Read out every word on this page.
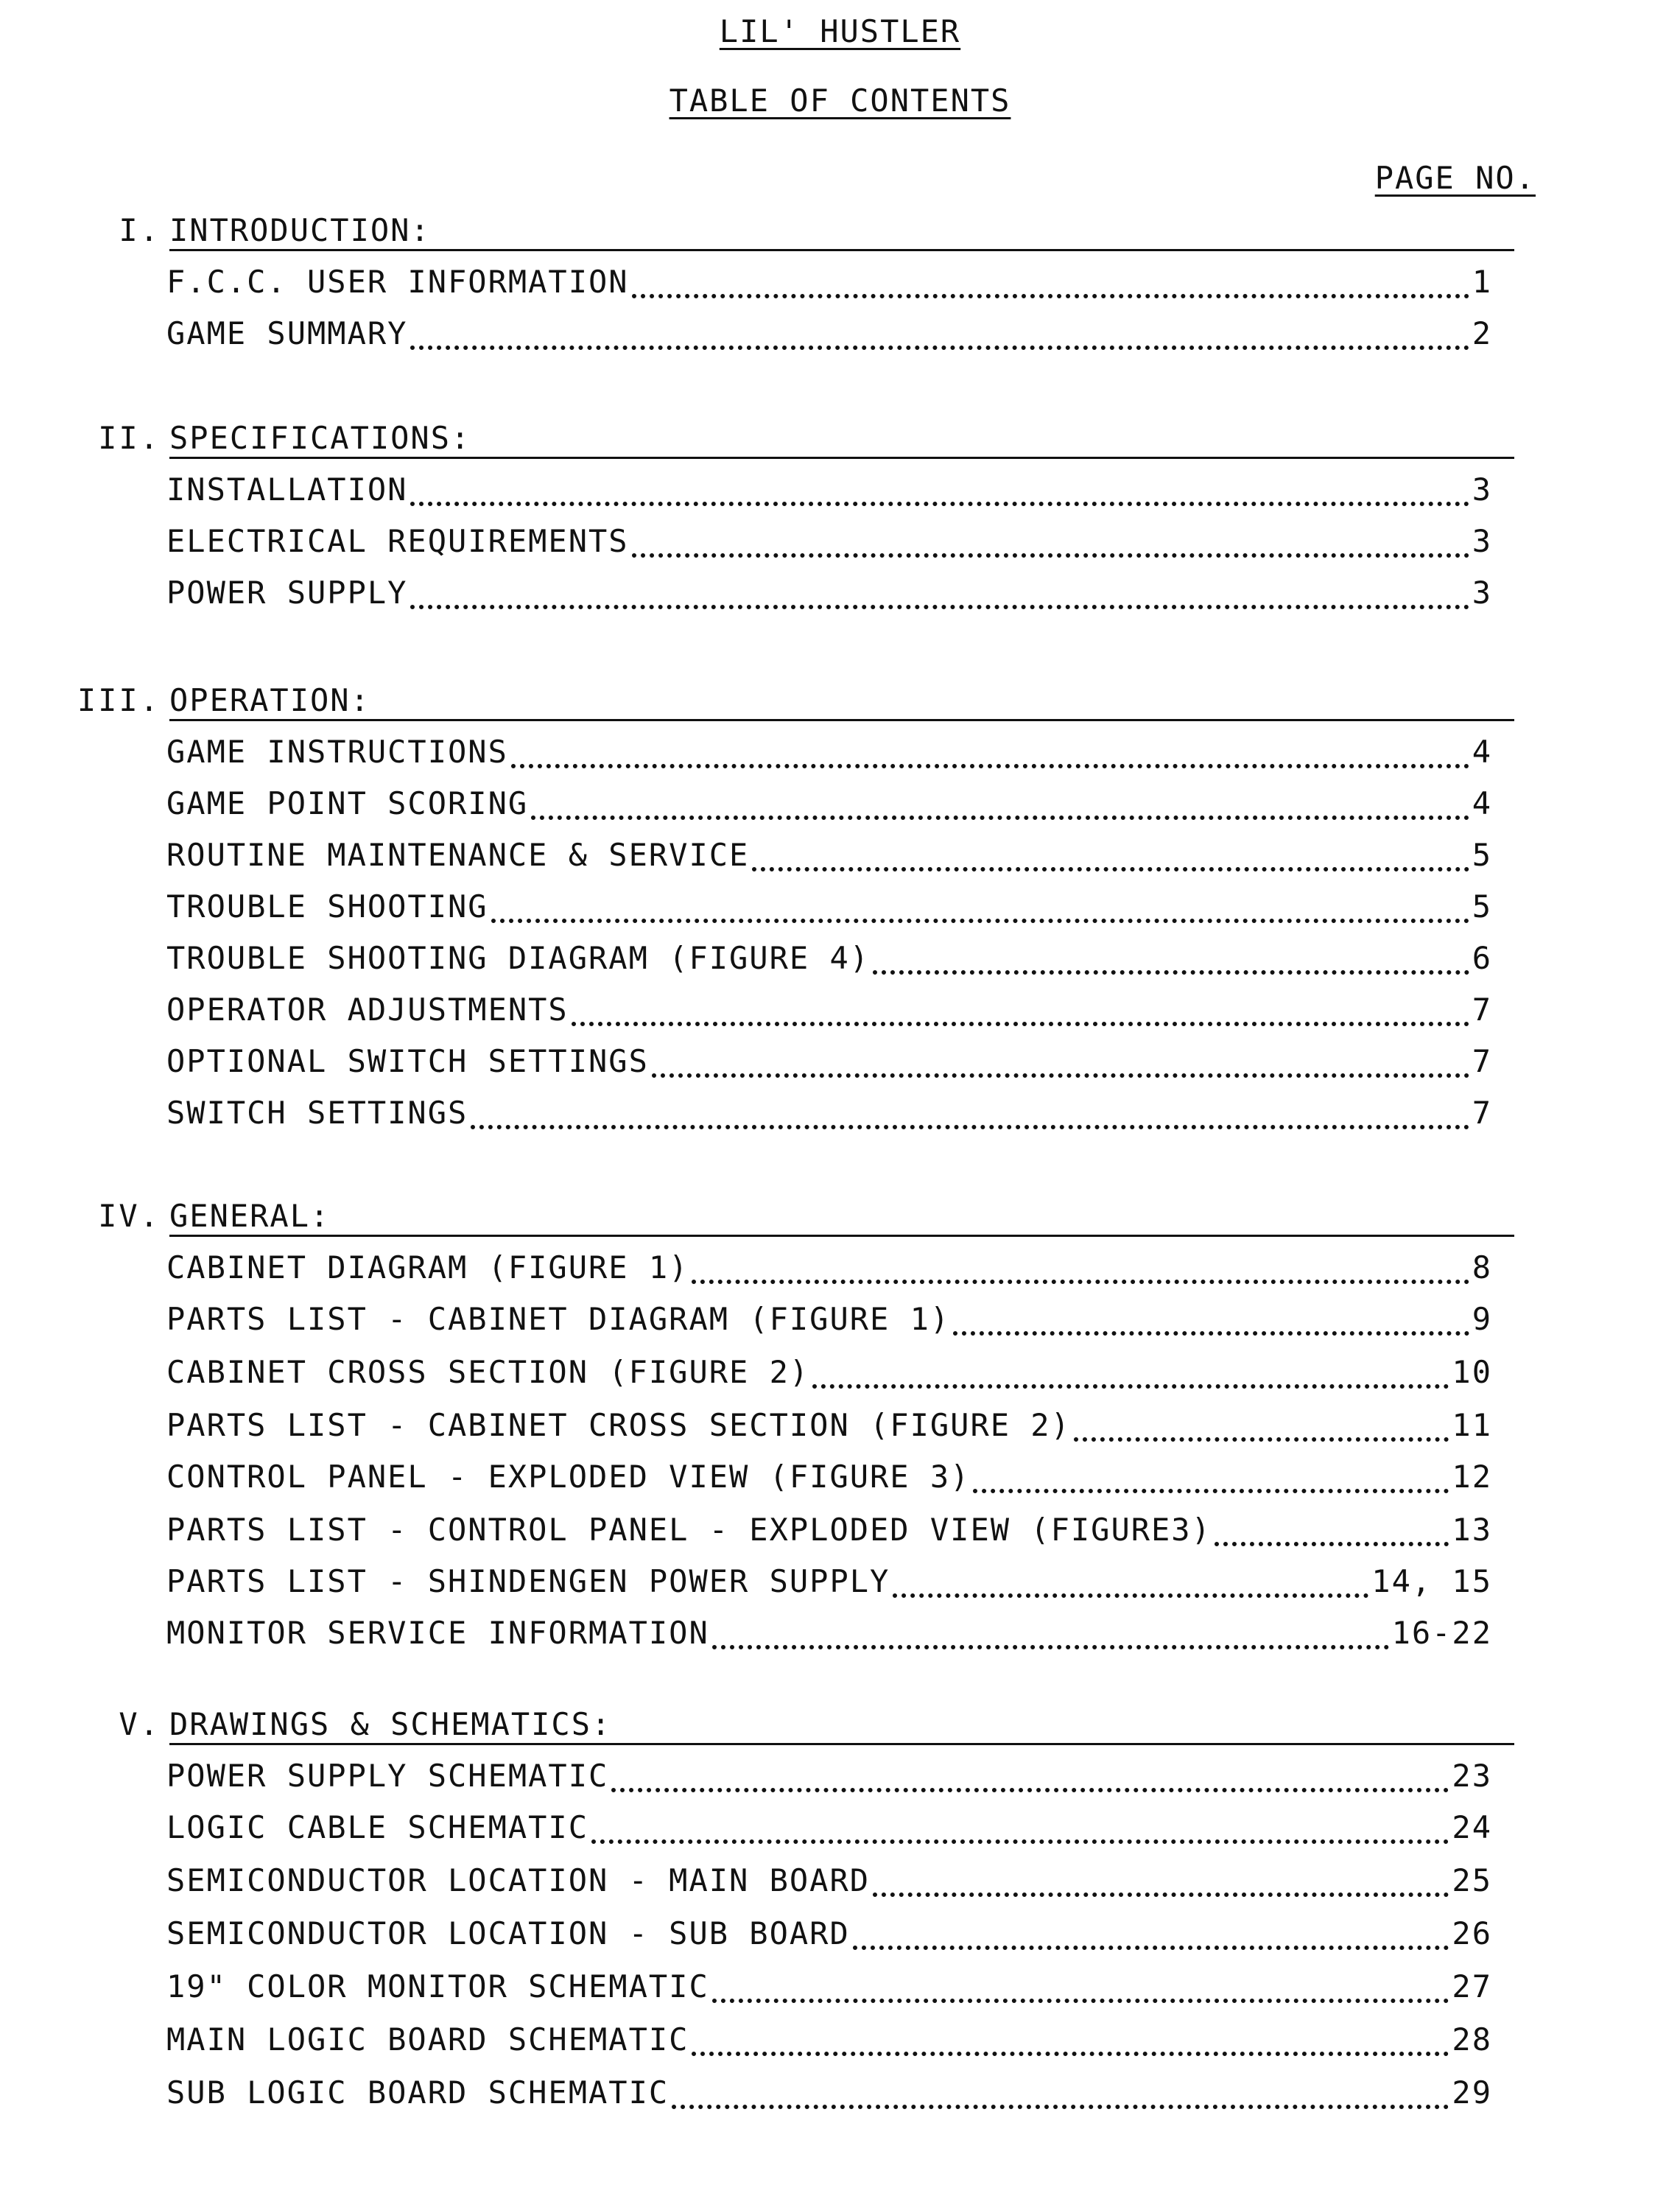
LIL' HUSTLER
TABLE OF CONTENTS
PAGE NO.
I. INTRODUCTION:
F.C.C. USER INFORMATION	1
GAME SUMMARY	2
II. SPECIFICATIONS:
INSTALLATION	3
ELECTRICAL REQUIREMENTS	3
POWER SUPPLY	3
III. OPERATION:
GAME INSTRUCTIONS	4
GAME POINT SCORING	4
ROUTINE MAINTENANCE & SERVICE	5
TROUBLE SHOOTING	5
TROUBLE SHOOTING DIAGRAM (FIGURE 4)	6
OPERATOR ADJUSTMENTS	7
OPTIONAL SWITCH SETTINGS	7
SWITCH SETTINGS	7
IV. GENERAL:
CABINET DIAGRAM (FIGURE 1)	8
PARTS LIST - CABINET DIAGRAM (FIGURE 1)	9
CABINET CROSS SECTION (FIGURE 2)	10
PARTS LIST - CABINET CROSS SECTION (FIGURE 2)	11
CONTROL PANEL - EXPLODED VIEW (FIGURE 3)	12
PARTS LIST - CONTROL PANEL - EXPLODED VIEW (FIGURE3)	13
PARTS LIST - SHINDENGEN POWER SUPPLY	14, 15
MONITOR SERVICE INFORMATION	16-22
V. DRAWINGS & SCHEMATICS:
POWER SUPPLY SCHEMATIC	23
LOGIC CABLE SCHEMATIC	24
SEMICONDUCTOR LOCATION - MAIN BOARD	25
SEMICONDUCTOR LOCATION - SUB BOARD	26
19" COLOR MONITOR SCHEMATIC	27
MAIN LOGIC BOARD SCHEMATIC	28
SUB LOGIC BOARD SCHEMATIC	29
